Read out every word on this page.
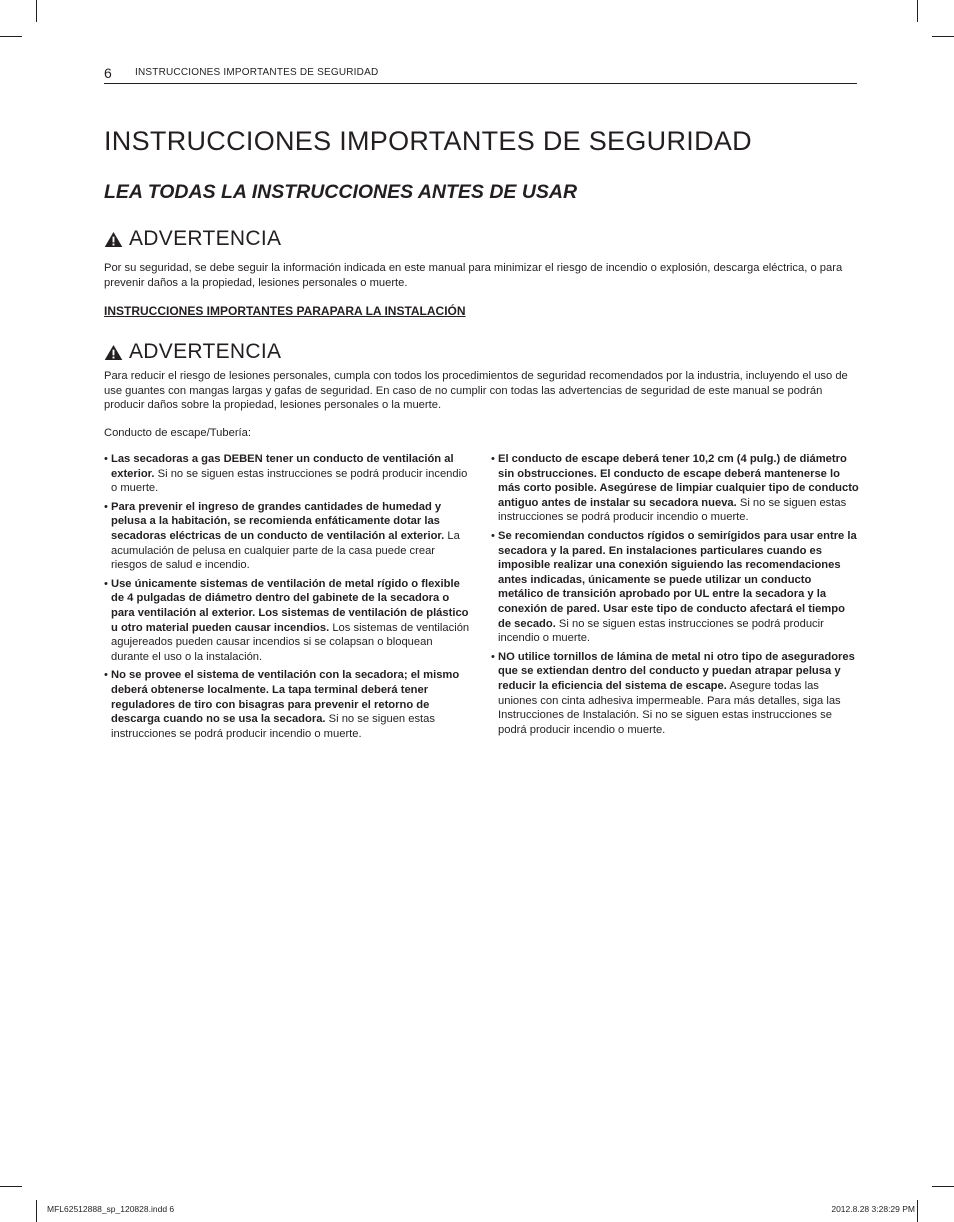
6 INSTRUCCIONES IMPORTANTES DE SEGURIDAD
INSTRUCCIONES IMPORTANTES DE SEGURIDAD
LEA TODAS LA INSTRUCCIONES ANTES DE USAR
ADVERTENCIA

Por su seguridad, se debe seguir la información indicada en este manual para minimizar el riesgo de incendio o explosión, descarga eléctrica, o para prevenir daños a la propiedad, lesiones personales o muerte.

INSTRUCCIONES IMPORTANTES PARAPARA LA INSTALACIÓN
ADVERTENCIA

Para reducir el riesgo de lesiones personales, cumpla con todos los procedimientos de seguridad recomendados por la industria, incluyendo el uso de use guantes con mangas largas y gafas de seguridad. En caso de no cumplir con todas las advertencias de seguridad de este manual se podrán producir daños sobre la propiedad, lesiones personales o la muerte.

Conducto de escape/Tubería:

• Las secadoras a gas DEBEN tener un conducto de ventilación al exterior. Si no se siguen estas instrucciones se podrá producir incendio o muerte.
• Para prevenir el ingreso de grandes cantidades de humedad y pelusa a la habitación, se recomienda enfáticamente dotar las secadoras eléctricas de un conducto de ventilación al exterior. La acumulación de pelusa en cualquier parte de la casa puede crear riesgos de salud e incendio.
• Use únicamente sistemas de ventilación de metal rígido o flexible de 4 pulgadas de diámetro dentro del gabinete de la secadora o para ventilación al exterior. Los sistemas de ventilación de plástico u otro material pueden causar incendios. Los sistemas de ventilación agujereados pueden causar incendios si se colapsan o bloquean durante el uso o la instalación.
• No se provee el sistema de ventilación con la secadora; el mismo deberá obtenerse localmente. La tapa terminal deberá tener reguladores de tiro con bisagras para prevenir el retorno de descarga cuando no se usa la secadora. Si no se siguen estas instrucciones se podrá producir incendio o muerte.
• El conducto de escape deberá tener 10,2 cm (4 pulg.) de diámetro sin obstrucciones. El conducto de escape deberá mantenerse lo más corto posible. Asegúrese de limpiar cualquier tipo de conducto antiguo antes de instalar su secadora nueva. Si no se siguen estas instrucciones se podrá producir incendio o muerte.
• Se recomiendan conductos rígidos o semirígidos para usar entre la secadora y la pared. En instalaciones particulares cuando es imposible realizar una conexión siguiendo las recomendaciones antes indicadas, únicamente se puede utilizar un conducto metálico de transición aprobado por UL entre la secadora y la conexión de pared. Usar este tipo de conducto afectará el tiempo de secado. Si no se siguen estas instrucciones se podrá producir incendio o muerte.
• NO utilice tornillos de lámina de metal ni otro tipo de aseguradores que se extiendan dentro del conducto y puedan atrapar pelusa y reducir la eficiencia del sistema de escape. Asegure todas las uniones con cinta adhesiva impermeable. Para más detalles, siga las Instrucciones de Instalación. Si no se siguen estas instrucciones se podrá producir incendio o muerte.
MFL62512888_sp_120828.indd 6	2012.8.28 3:28:29 PM
